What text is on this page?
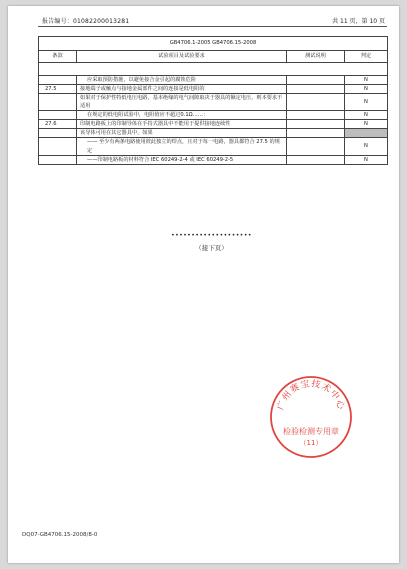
报告编号：01082200013281	共 11 页，第 10 页
GB4706.1-2005 GB4706.15-2008			
条款	试验项目及试验要求	测试说明	判定

	应采取预防措施，以避免接合金引起的腐蚀危险		N
27.5	接地端子或触点与接地金属部件之间的连接是低电阻的		N
	如果对于保护性特低电压电路，基本绝缘的电气间隙取决于器具的额定电压，则本要求不适用		N
	在规定的低电阻试验中，电阻值应不超过0.1Ω……：		N
27.6	印制电路板上的印制导体在手持式器具中不能用于提供接地连续性		N
	该导体可用在其它器具中，如果		
	—— 至少有两条电路使用彼此独立的焊点，且对于每一电路，器具都符合 27.5 的规定		N
	——印制电路板的材料符合 IEC 60249-2-4 或 IEC 60249-2-5		N
••••••••••••••••••••
（接下页）
广州赛宝技术中心
检验检测专用章
（11）
DQ07-GB4706.15-2008/8-0
